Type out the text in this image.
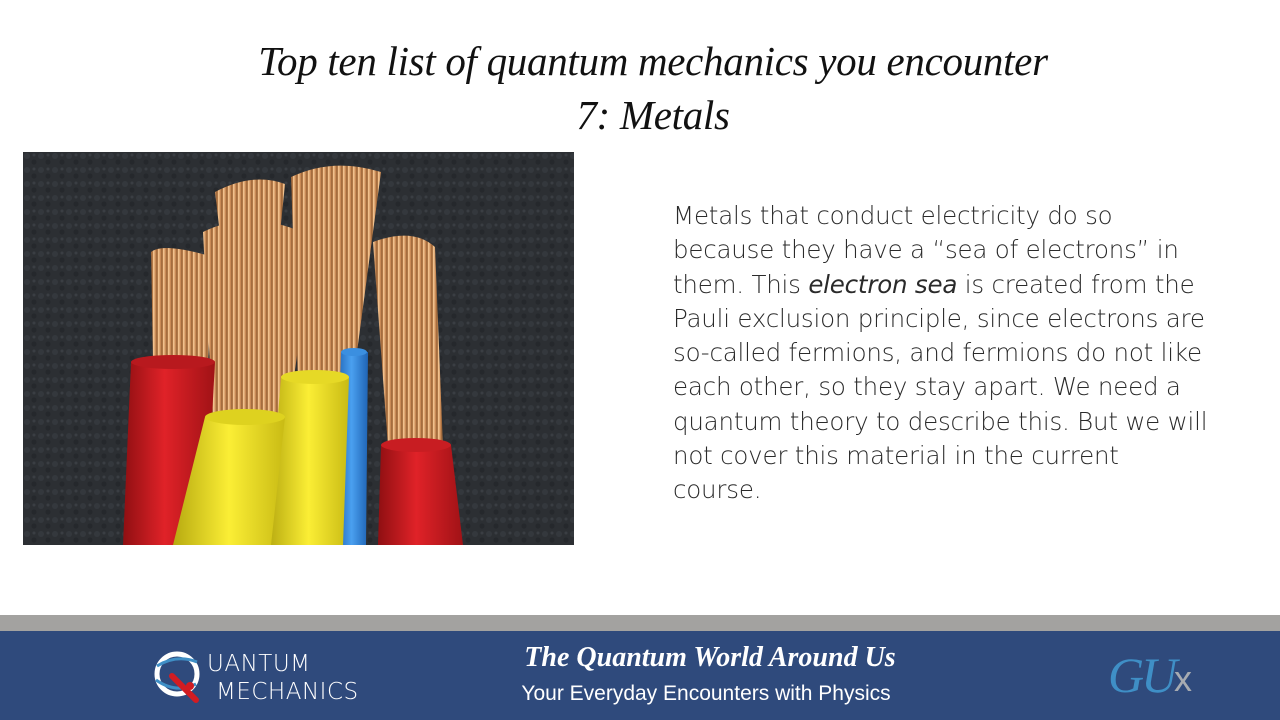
Top ten list of quantum mechanics you encounter
7: Metals

Metals that conduct electricity do so because they have a “sea of electrons” in them. This electron sea is created from the Pauli exclusion principle, since electrons are so-called fermions, and fermions do not like each other, so they stay apart. We need a quantum theory to describe this. But we will not cover this material in the current course.

UANTUM
MECHANICS
The Quantum World Around Us
Your Everyday Encounters with Physics	GU x
